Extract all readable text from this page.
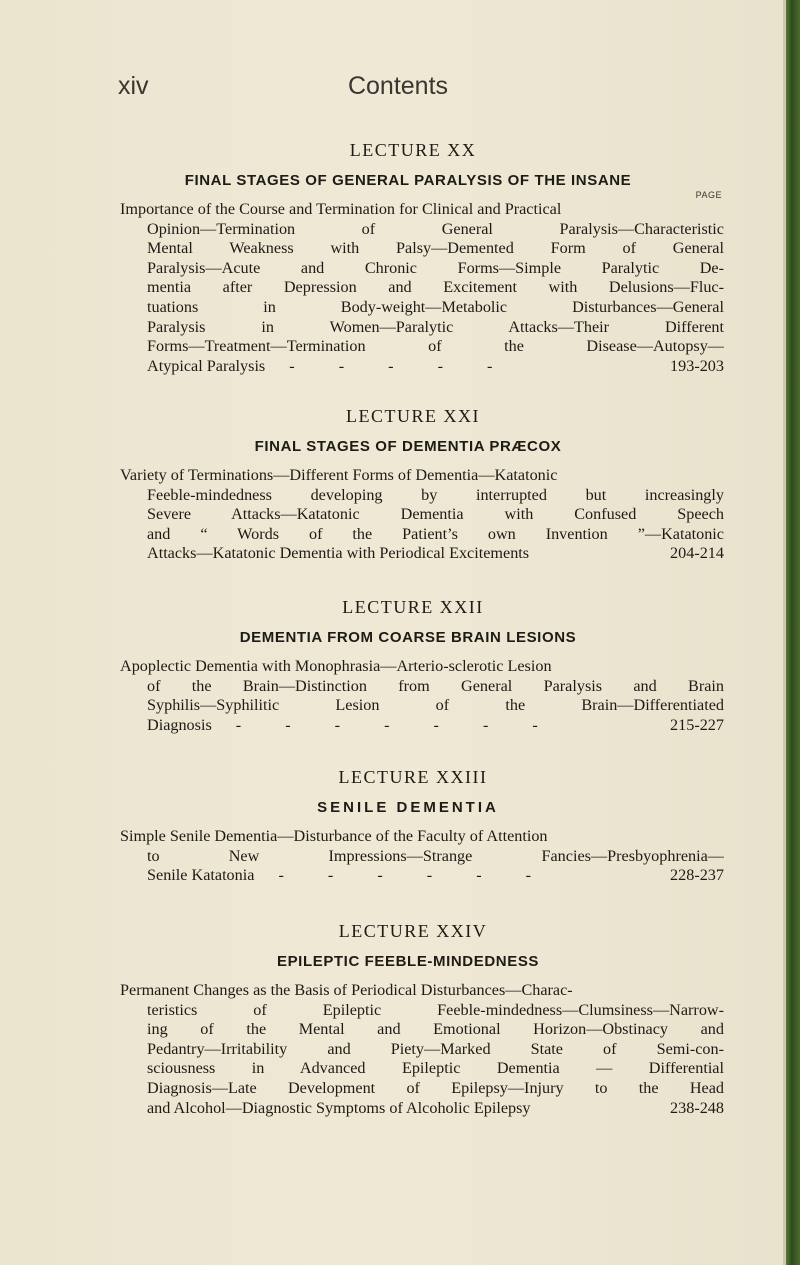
xiv	Contents
LECTURE XX
FINAL STAGES OF GENERAL PARALYSIS OF THE INSANE
PAGE
Importance of the Course and Termination for Clinical and Practical
Opinion—Termination of General Paralysis—Characteristic
Mental Weakness with Palsy—Demented Form of General
Paralysis—Acute and Chronic Forms—Simple Paralytic De-
mentia after Depression and Excitement with Delusions—Fluc-
tuations in Body-weight—Metabolic Disturbances—General
Paralysis in Women—Paralytic Attacks—Their Different
Forms—Treatment—Termination of the Disease—Autopsy—
Atypical Paralysis - - - - -	193-203
LECTURE XXI
FINAL STAGES OF DEMENTIA PRÆCOX
Variety of Terminations—Different Forms of Dementia—Katatonic
Feeble-mindedness developing by interrupted but increasingly
Severe Attacks—Katatonic Dementia with Confused Speech
and “ Words of the Patient’s own Invention ”—Katatonic
Attacks—Katatonic Dementia with Periodical Excitements	204-214
LECTURE XXII
DEMENTIA FROM COARSE BRAIN LESIONS
Apoplectic Dementia with Monophrasia—Arterio-sclerotic Lesion
of the Brain—Distinction from General Paralysis and Brain
Syphilis—Syphilitic Lesion of the Brain—Differentiated
Diagnosis - - - - - - -	215-227
LECTURE XXIII
SENILE DEMENTIA
Simple Senile Dementia—Disturbance of the Faculty of Attention
to New Impressions—Strange Fancies—Presbyophrenia—
Senile Katatonia - - - - - -	228-237
LECTURE XXIV
EPILEPTIC FEEBLE-MINDEDNESS
Permanent Changes as the Basis of Periodical Disturbances—Charac-
teristics of Epileptic Feeble-mindedness—Clumsiness—Narrow-
ing of the Mental and Emotional Horizon—Obstinacy and
Pedantry—Irritability and Piety—Marked State of Semi-con-
sciousness in Advanced Epileptic Dementia — Differential
Diagnosis—Late Development of Epilepsy—Injury to the Head
and Alcohol—Diagnostic Symptoms of Alcoholic Epilepsy	238-248
